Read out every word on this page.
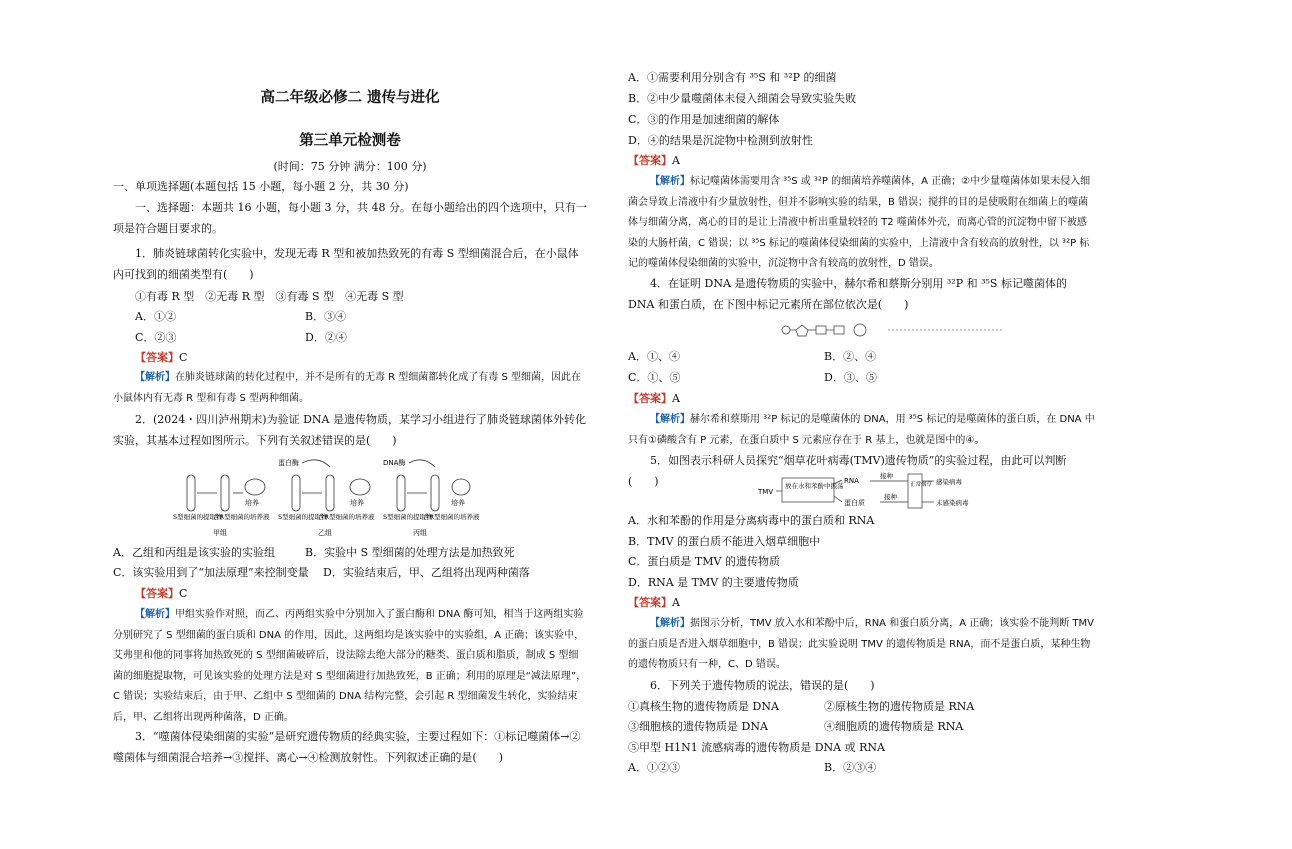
高二年级必修二 遗传与进化
第三单元检测卷
(时间：75 分钟 满分：100 分)
一、单项选择题(本题包括 15 小题，每小题 2 分，共 30 分)
一、选择题：本题共 16 小题，每小题 3 分，共 48 分。在每小题给出的四个选项中，只有一项是符合题目要求的。
1．肺炎链球菌转化实验中，发现无毒 R 型和被加热致死的有毒 S 型细菌混合后，在小鼠体内可找到的细菌类型有(　　)
①有毒 R 型　②无毒 R 型　③有毒 S 型　④无毒 S 型
A．①②	B．③④
C．②③	D．②④
【答案】C
【解析】在肺炎链球菌的转化过程中，并不是所有的无毒 R 型细菌都转化成了有毒 S 型细菌，因此在小鼠体内有无毒 R 型和有毒 S 型两种细菌。
2．(2024・四川泸州期末)为验证 DNA 是遗传物质，某学习小组进行了肺炎链球菌体外转化实验，其基本过程如图所示。下列有关叙述错误的是(　　)
培养
S型细菌的提取物
含R型细菌的培养液
甲组
蛋白酶
培养
S型细菌的提取物
含R型细菌的培养液
乙组
DNA酶
培养
S型细菌的提取物
含R型细菌的培养液
丙组
A．乙组和丙组是该实验的实验组	B．实验中 S 型细菌的处理方法是加热致死
C．该实验用到了“加法原理”来控制变量	D．实验结束后，甲、乙组将出现两种菌落
【答案】C
【解析】甲组实验作对照，而乙、丙两组实验中分别加入了蛋白酶和 DNA 酶可知，相当于这两组实验分别研究了 S 型细菌的蛋白质和 DNA 的作用，因此，这两组均是该实验中的实验组，A 正确；该实验中，艾弗里和他的同事将加热致死的 S 型细菌破碎后，设法除去绝大部分的糖类、蛋白质和脂质，制成 S 型细菌的细胞提取物，可见该实验的处理方法是对 S 型细菌进行加热致死，B 正确；利用的原理是“减法原理”，C 错误；实验结束后，由于甲、乙组中 S 型细菌的 DNA 结构完整，会引起 R 型细菌发生转化，实验结束后，甲、乙组将出现两种菌落，D 正确。
3．“噬菌体侵染细菌的实验”是研究遗传物质的经典实验，主要过程如下：①标记噬菌体→②噬菌体与细菌混合培养→③搅拌、离心→④检测放射性。下列叙述正确的是(　　)
A．①需要利用分别含有 ³⁵S 和 ³²P 的细菌
B．②中少量噬菌体未侵入细菌会导致实验失败
C．③的作用是加速细菌的解体
D．④的结果是沉淀物中检测到放射性
【答案】A
【解析】标记噬菌体需要用含 ³⁵S 或 ³²P 的细菌培养噬菌体，A 正确；②中少量噬菌体如果未侵入细菌会导致上清液中有少量放射性，但并不影响实验的结果，B 错误；搅拌的目的是使吸附在细菌上的噬菌体与细菌分离，离心的目的是让上清液中析出重量较轻的 T2 噬菌体外壳，而离心管的沉淀物中留下被感染的大肠杆菌，C 错误；以 ³⁵S 标记的噬菌体侵染细菌的实验中，上清液中含有较高的放射性，以 ³²P 标记的噬菌体侵染细菌的实验中，沉淀物中含有较高的放射性，D 错误。
4．在证明 DNA 是遗传物质的实验中，赫尔希和蔡斯分别用 ³²P 和 ³⁵S 标记噬菌体的 DNA 和蛋白质，在下图中标记元素所在部位依次是(　　)
A．①、④	B．②、④
C．①、⑤	D．③、⑤
【答案】A
【解析】赫尔希和蔡斯用 ³²P 标记的是噬菌体的 DNA，用 ³⁵S 标记的是噬菌体的蛋白质，在 DNA 中只有①磷酸含有 P 元素，在蛋白质中 S 元素应存在于 R 基上，也就是图中的④。
5．如图表示科研人员探究“烟草花叶病毒(TMV)遗传物质”的实验过程，由此可以判断(　　)
TMV
放在水和苯酚中振荡
RNA
蛋白质
接种
接种
正常烟草 感染病毒
未感染病毒
A．水和苯酚的作用是分离病毒中的蛋白质和 RNA
B．TMV 的蛋白质不能进入烟草细胞中
C．蛋白质是 TMV 的遗传物质
D．RNA 是 TMV 的主要遗传物质
【答案】A
【解析】据图示分析，TMV 放入水和苯酚中后，RNA 和蛋白质分离，A 正确；该实验不能判断 TMV 的蛋白质是否进入烟草细胞中，B 错误；此实验说明 TMV 的遗传物质是 RNA，而不是蛋白质，某种生物的遗传物质只有一种，C、D 错误。
6．下列关于遗传物质的说法，错误的是(　　)
①真核生物的遗传物质是 DNA	②原核生物的遗传物质是 RNA
③细胞核的遗传物质是 DNA	④细胞质的遗传物质是 RNA
⑤甲型 H1N1 流感病毒的遗传物质是 DNA 或 RNA
A．①②③	B．②③④
